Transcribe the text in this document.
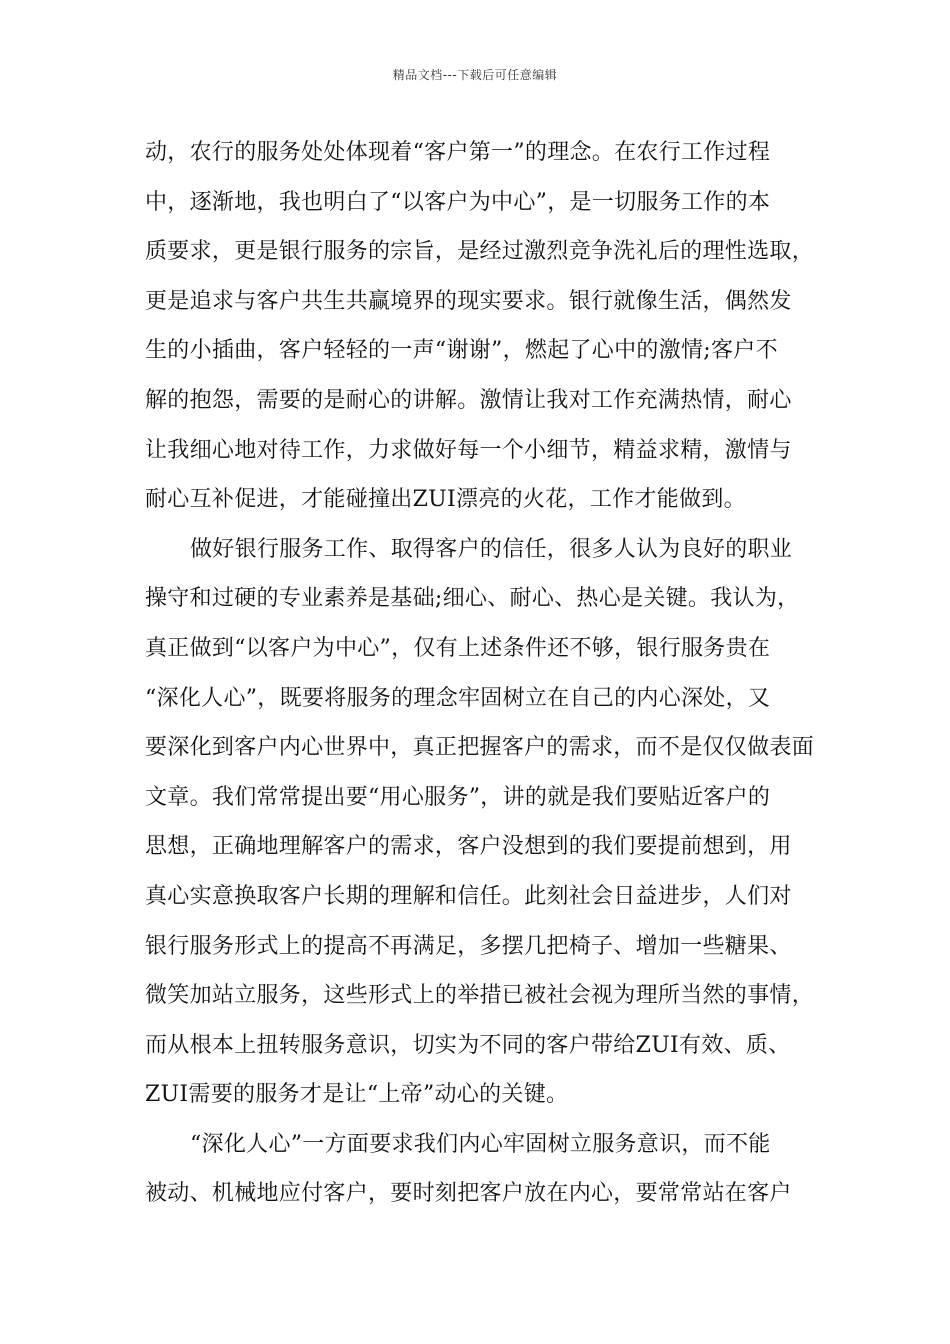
精品文档---下载后可任意编辑
动，农行的服务处处体现着“客户第一”的理念。在农行工作过程
中，逐渐地，我也明白了“以客户为中心”，是一切服务工作的本
质要求，更是银行服务的宗旨，是经过激烈竞争洗礼后的理性选取，
更是追求与客户共生共赢境界的现实要求。银行就像生活，偶然发
生的小插曲，客户轻轻的一声“谢谢”，燃起了心中的激情;客户不
解的抱怨，需要的是耐心的讲解。激情让我对工作充满热情，耐心
让我细心地对待工作，力求做好每一个小细节，精益求精，激情与
耐心互补促进，才能碰撞出ZUI漂亮的火花，工作才能做到。
做好银行服务工作、取得客户的信任，很多人认为良好的职业
操守和过硬的专业素养是基础;细心、耐心、热心是关键。我认为，
真正做到“以客户为中心”，仅有上述条件还不够，银行服务贵在
“深化人心”，既要将服务的理念牢固树立在自己的内心深处，又
要深化到客户内心世界中，真正把握客户的需求，而不是仅仅做表面
文章。我们常常提出要“用心服务”，讲的就是我们要贴近客户的
思想，正确地理解客户的需求，客户没想到的我们要提前想到，用
真心实意换取客户长期的理解和信任。此刻社会日益进步，人们对
银行服务形式上的提高不再满足，多摆几把椅子、增加一些糖果、
微笑加站立服务，这些形式上的举措已被社会视为理所当然的事情，
而从根本上扭转服务意识，切实为不同的客户带给ZUI有效、质、
ZUI需要的服务才是让“上帝”动心的关键。
“深化人心”一方面要求我们内心牢固树立服务意识，而不能
被动、机械地应付客户，要时刻把客户放在内心，要常常站在客户
